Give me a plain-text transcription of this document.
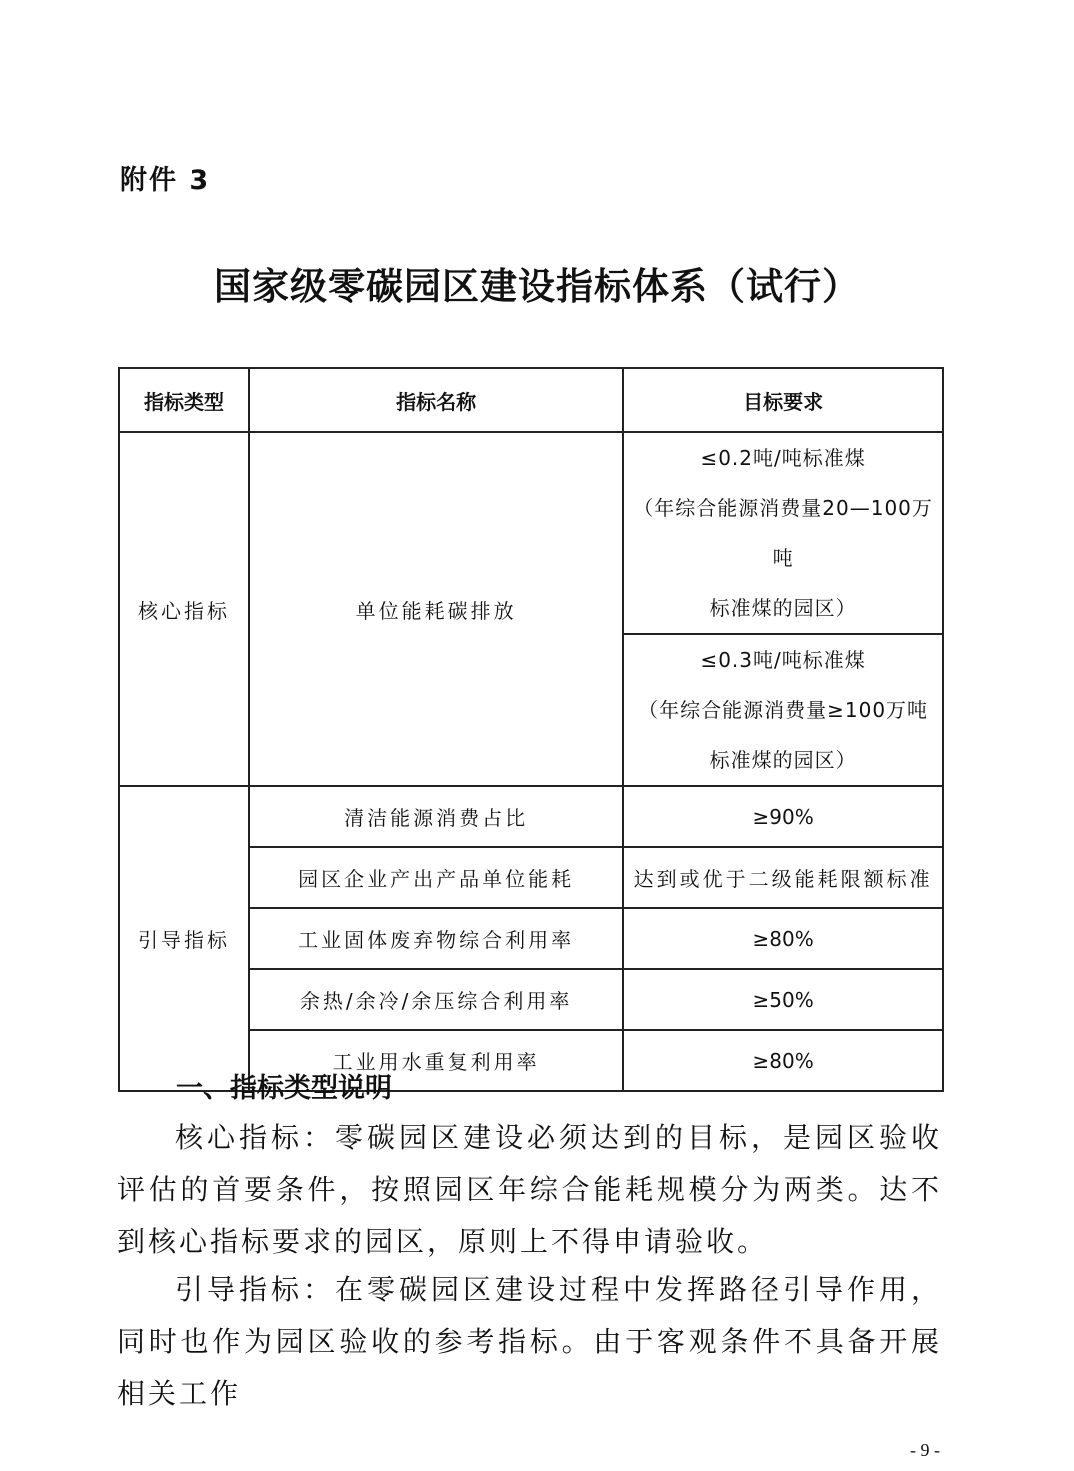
附件 3
国家级零碳园区建设指标体系（试行）
指标类型	指标名称	目标要求
核心指标	单位能耗碳排放	≤0.2吨/吨标准煤
（年综合能源消费量20—100万吨
标准煤的园区）

		≤0.3吨/吨标准煤
（年综合能源消费量≥100万吨
标准煤的园区）

引导指标	清洁能源消费占比	≥90%
	园区企业产出产品单位能耗	达到或优于二级能耗限额标准
	工业固体废弃物综合利用率	≥80%
	余热/余冷/余压综合利用率	≥50%
	工业用水重复利用率	≥80%
一、指标类型说明
核心指标：零碳园区建设必须达到的目标，是园区验收评估的首要条件，按照园区年综合能耗规模分为两类。达不到核心指标要求的园区，原则上不得申请验收。
引导指标：在零碳园区建设过程中发挥路径引导作用，同时也作为园区验收的参考指标。由于客观条件不具备开展相关工作
- 9 -
